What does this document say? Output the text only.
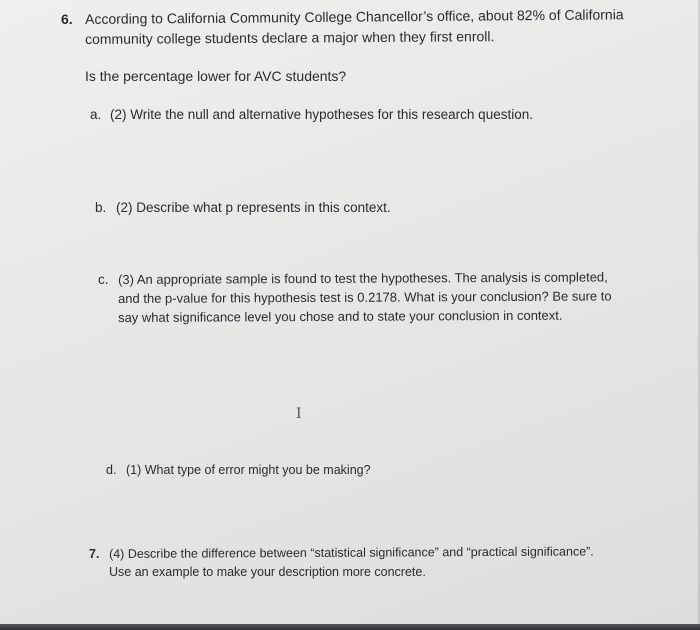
6. According to California Community College Chancellor’s office, about 82% of California

community college students declare a major when they first enroll.

Is the percentage lower for AVC students?

a. (2) Write the null and alternative hypotheses for this research question.

b. (2) Describe what p represents in this context.

c. (3) An appropriate sample is found to test the hypotheses. The analysis is completed,

and the p-value for this hypothesis test is 0.2178. What is your conclusion? Be sure to

say what significance level you chose and to state your conclusion in context.

I

d. (1) What type of error might you be making?

7. (4) Describe the difference between “statistical significance” and “practical significance”.

Use an example to make your description more concrete.
